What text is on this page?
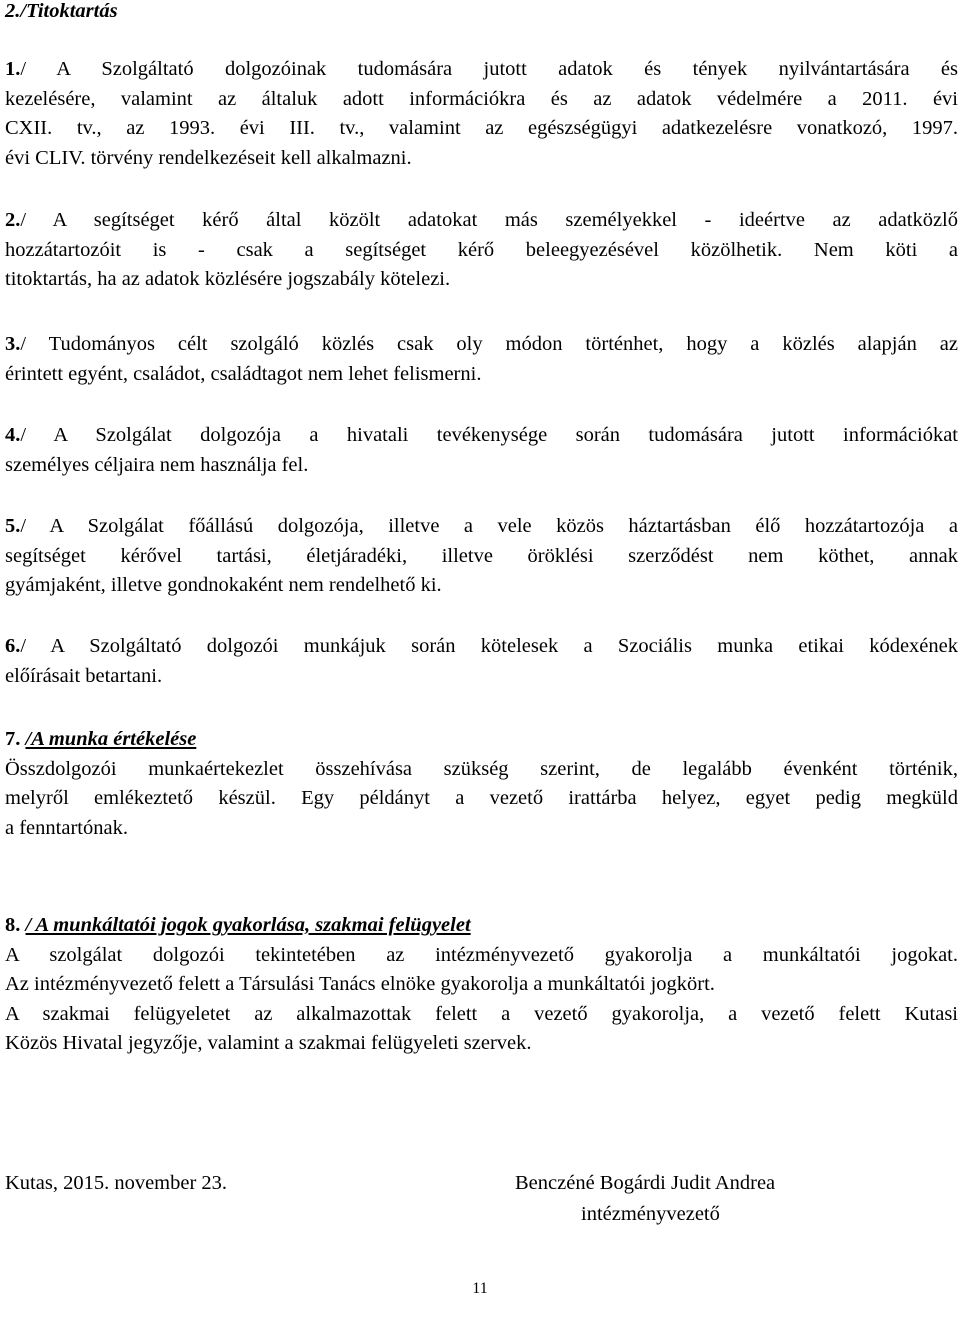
2./Titoktartás
1./ A Szolgáltató dolgozóinak tudomására jutott adatok és tények nyilvántartására és
kezelésére, valamint az általuk adott információkra és az adatok védelmére a 2011. évi
CXII. tv., az 1993. évi III. tv., valamint az egészségügyi adatkezelésre vonatkozó, 1997.
évi CLIV. törvény rendelkezéseit kell alkalmazni.
2./ A segítséget kérő által közölt adatokat más személyekkel - ideértve az adatközlő
hozzátartozóit is - csak a segítséget kérő beleegyezésével közölhetik. Nem köti a
titoktartás, ha az adatok közlésére jogszabály kötelezi.
3./ Tudományos célt szolgáló közlés csak oly módon történhet, hogy a közlés alapján az
érintett egyént, családot, családtagot nem lehet felismerni.
4./ A Szolgálat dolgozója a hivatali tevékenysége során tudomására jutott információkat
személyes céljaira nem használja fel.
5./ A Szolgálat főállású dolgozója, illetve a vele közös háztartásban élő hozzátartozója a
segítséget kérővel tartási, életjáradéki, illetve öröklési szerződést nem köthet, annak
gyámjaként, illetve gondnokaként nem rendelhető ki.
6./ A Szolgáltató dolgozói munkájuk során kötelesek a Szociális munka etikai kódexének
előírásait betartani.
7. /A munka értékelése
Összdolgozói munkaértekezlet összehívása szükség szerint, de legalább évenként történik,
melyről emlékeztető készül. Egy példányt a vezető irattárba helyez, egyet pedig megküld
a fenntartónak.
8. / A munkáltatói jogok gyakorlása, szakmai felügyelet
A szolgálat dolgozói tekintetében az intézményvezető gyakorolja a munkáltatói jogokat.
Az intézményvezető felett a Társulási Tanács elnöke gyakorolja a munkáltatói jogkört.
A szakmai felügyeletet az alkalmazottak felett a vezető gyakorolja, a vezető felett Kutasi
Közös Hivatal jegyzője, valamint a szakmai felügyeleti szervek.
Kutas, 2015. november 23.	Benczéné Bogárdi Judit Andrea
intézményvezető
11
